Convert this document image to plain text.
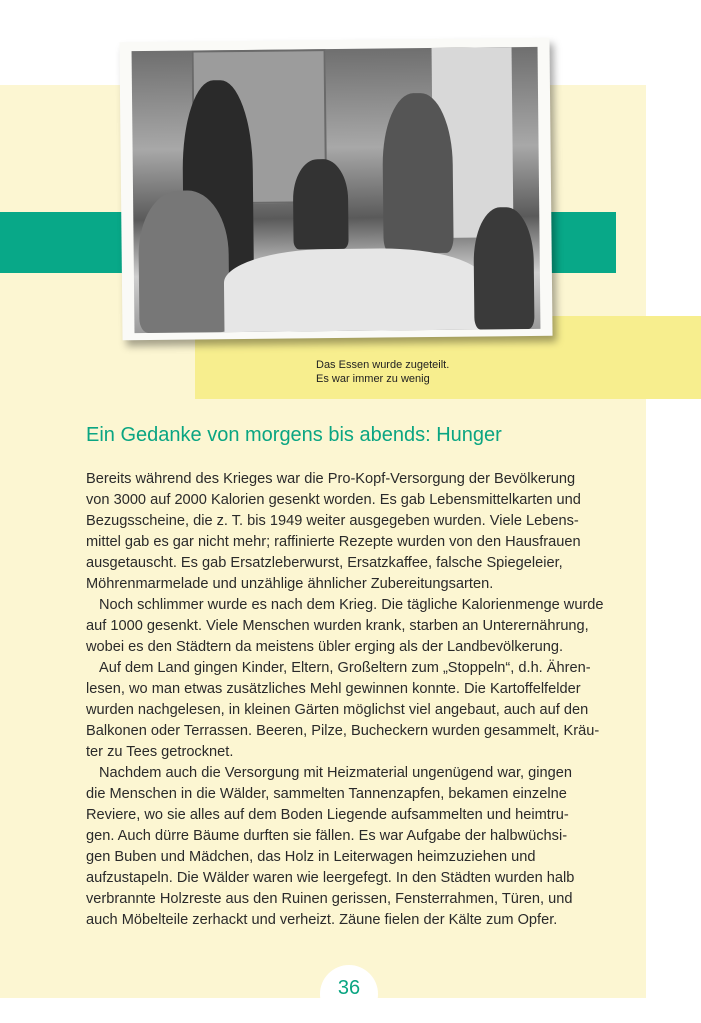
Das Essen wurde zugeteilt.
Es war immer zu wenig
Ein Gedanke von morgens bis abends: Hunger
Bereits während des Krieges war die Pro-Kopf-Versorgung der Bevölkerung
von 3000 auf 2000 Kalorien gesenkt worden. Es gab Lebensmittelkarten und
Bezugsscheine, die z. T. bis 1949 weiter ausgegeben wurden. Viele Lebens-
mittel gab es gar nicht mehr; raffinierte Rezepte wurden von den Hausfrauen
ausgetauscht. Es gab Ersatzleberwurst, Ersatzkaffee, falsche Spiegeleier,
Möhrenmarmelade und unzählige ähnlicher Zubereitungsarten.
Noch schlimmer wurde es nach dem Krieg. Die tägliche Kalorienmenge wurde
auf 1000 gesenkt. Viele Menschen wurden krank, starben an Unterernährung,
wobei es den Städtern da meistens übler erging als der Landbevölkerung.
Auf dem Land gingen Kinder, Eltern, Großeltern zum „Stoppeln“, d.h. Ähren-
lesen, wo man etwas zusätzliches Mehl gewinnen konnte. Die Kartoffelfelder
wurden nachgelesen, in kleinen Gärten möglichst viel angebaut, auch auf den
Balkonen oder Terrassen. Beeren, Pilze, Bucheckern wurden gesammelt, Kräu-
ter zu Tees getrocknet.
Nachdem auch die Versorgung mit Heizmaterial ungenügend war, gingen
die Menschen in die Wälder, sammelten Tannenzapfen, bekamen einzelne
Reviere, wo sie alles auf dem Boden Liegende aufsammelten und heimtru-
gen. Auch dürre Bäume durften sie fällen. Es war Aufgabe der halbwüchsi-
gen Buben und Mädchen, das Holz in Leiterwagen heimzuziehen und
aufzustapeln. Die Wälder waren wie leergefegt. In den Städten wurden halb
verbrannte Holzreste aus den Ruinen gerissen, Fensterrahmen, Türen, und
auch Möbelteile zerhackt und verheizt. Zäune fielen der Kälte zum Opfer.
36
